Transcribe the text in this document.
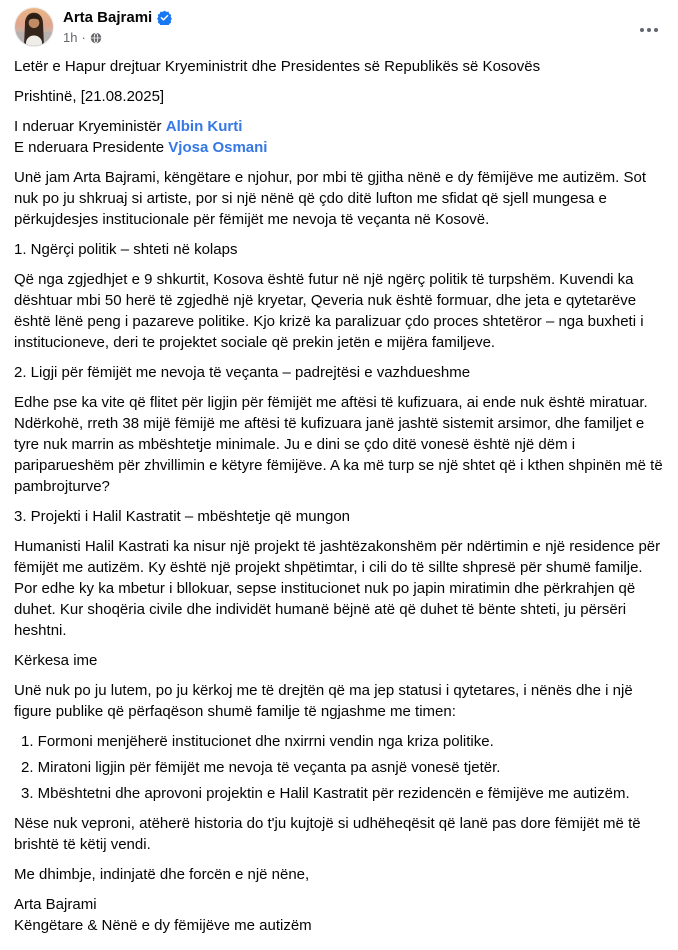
Arta Bajrami
1h ·
Letër e Hapur drejtuar Kryeministrit dhe Presidentes së Republikës së Kosovës
Prishtinë, [21.08.2025]
I nderuar Kryeministër Albin Kurti
E nderuara Presidente Vjosa Osmani
Unë jam Arta Bajrami, këngëtare e njohur, por mbi të gjitha nënë e dy fëmijëve me autizëm. Sot nuk po ju shkruaj si artiste, por si një nënë që çdo ditë lufton me sfidat që sjell mungesa e përkujdesjes institucionale për fëmijët me nevoja të veçanta në Kosovë.
1. Ngërçi politik – shteti në kolaps
Që nga zgjedhjet e 9 shkurtit, Kosova është futur në një ngërç politik të turpshëm. Kuvendi ka dështuar mbi 50 herë të zgjedhë një kryetar, Qeveria nuk është formuar, dhe jeta e qytetarëve është lënë peng i pazareve politike. Kjo krizë ka paralizuar çdo proces shtetëror – nga buxheti i institucioneve, deri te projektet sociale që prekin jetën e mijëra familjeve.
2. Ligji për fëmijët me nevoja të veçanta – padrejtësi e vazhdueshme
Edhe pse ka vite që flitet për ligjin për fëmijët me aftësi të kufizuara, ai ende nuk është miratuar. Ndërkohë, rreth 38 mijë fëmijë me aftësi të kufizuara janë jashtë sistemit arsimor, dhe familjet e tyre nuk marrin as mbështetje minimale. Ju e dini se çdo ditë vonesë është një dëm i pariparueshëm për zhvillimin e këtyre fëmijëve. A ka më turp se një shtet që i kthen shpinën më të pambrojturve?
3. Projekti i Halil Kastratit – mbështetje që mungon
Humanisti Halil Kastrati ka nisur një projekt të jashtëzakonshëm për ndërtimin e një residence për fëmijët me autizëm. Ky është një projekt shpëtimtar, i cili do të sillte shpresë për shumë familje. Por edhe ky ka mbetur i bllokuar, sepse institucionet nuk po japin miratimin dhe përkrahjen që duhet. Kur shoqëria civile dhe individët humanë bëjnë atë që duhet të bënte shteti, ju përsëri heshtni.
Kërkesa ime
Unë nuk po ju lutem, po ju kërkoj me të drejtën që ma jep statusi i qytetares, i nënës dhe i një figure publike që përfaqëson shumë familje të ngjashme me timen:
1. Formoni menjëherë institucionet dhe nxirrni vendin nga kriza politike.
2. Miratoni ligjin për fëmijët me nevoja të veçanta pa asnjë vonesë tjetër.
3. Mbështetni dhe aprovoni projektin e Halil Kastratit për rezidencën e fëmijëve me autizëm.
Nëse nuk veproni, atëherë historia do t'ju kujtojë si udhëheqësit që lanë pas dore fëmijët më të brishtë të këtij vendi.
Me dhimbje, indinjatë dhe forcën e një nëne,
Arta Bajrami
Këngëtare & Nënë e dy fëmijëve me autizëm
